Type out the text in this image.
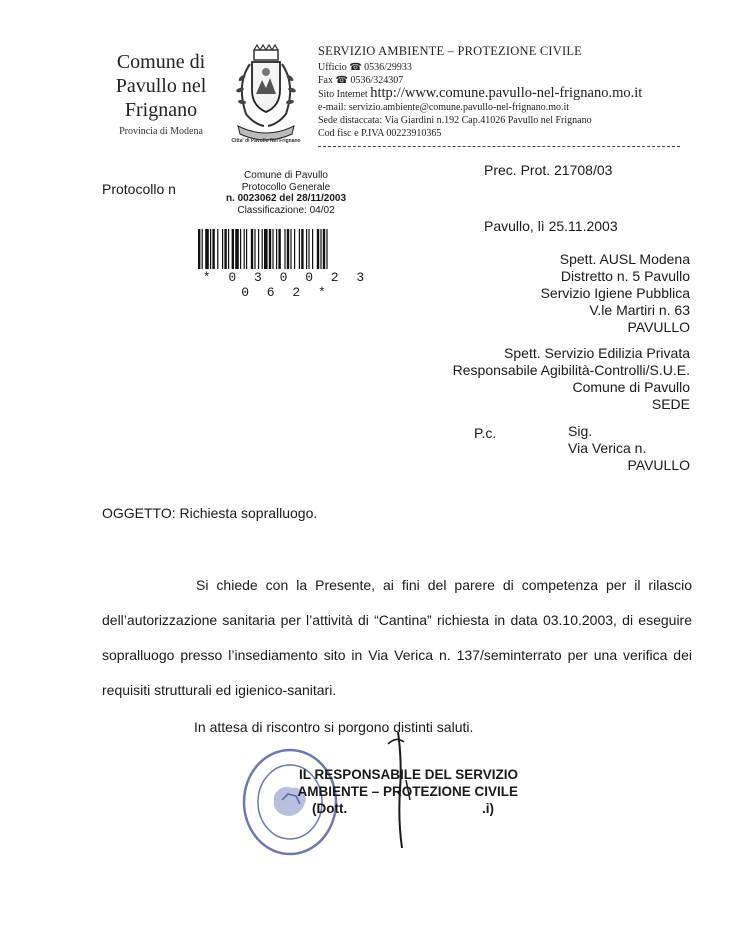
Comune di
Pavullo nel
Frignano
Provincia di Modena
Citta' di Pavullo Nel Frignano
SERVIZIO AMBIENTE – PROTEZIONE CIVILE
Ufficio ☎ 0536/29933
Fax ☎ 0536/324307
Sito Internet http://www.comune.pavullo-nel-frignano.mo.it
e-mail: servizio.ambiente@comune.pavullo-nel-frignano.mo.it
Sede distaccata: Via Giardini n.192 Cap.41026 Pavullo nel Frignano
Cod fisc e P.IVA 00223910365
Protocollo n
Comune di Pavullo
Protocollo Generale
n. 0023062 del 28/11/2003
Classificazione: 04/02
* 0 3 0 0 2 3 0 6 2 *
Prec. Prot. 21708/03
Pavullo, lì 25.11.2003
Spett. AUSL Modena
Distretto n. 5 Pavullo
Servizio Igiene Pubblica
V.le Martiri n. 63
PAVULLO
Spett. Servizio Edilizia Privata
Responsabile Agibilità-Controlli/S.U.E.
Comune di Pavullo
SEDE
P.c.	Sig.
Via Verica n.
PAVULLO
OGGETTO: Richiesta sopralluogo.
Si chiede con la Presente, ai fini del parere di competenza per il rilascio dell’autorizzazione sanitaria per l’attività di “Cantina” richiesta in data 03.10.2003, di eseguire sopralluogo presso l’insediamento sito in Via Verica n. 137/seminterrato per una verifica dei requisiti strutturali ed igienico-sanitari.
In attesa di riscontro si porgono distinti saluti.
IL RESPONSABILE DEL SERVIZIO
AMBIENTE – PROTEZIONE CIVILE
(Dott.	.i)
